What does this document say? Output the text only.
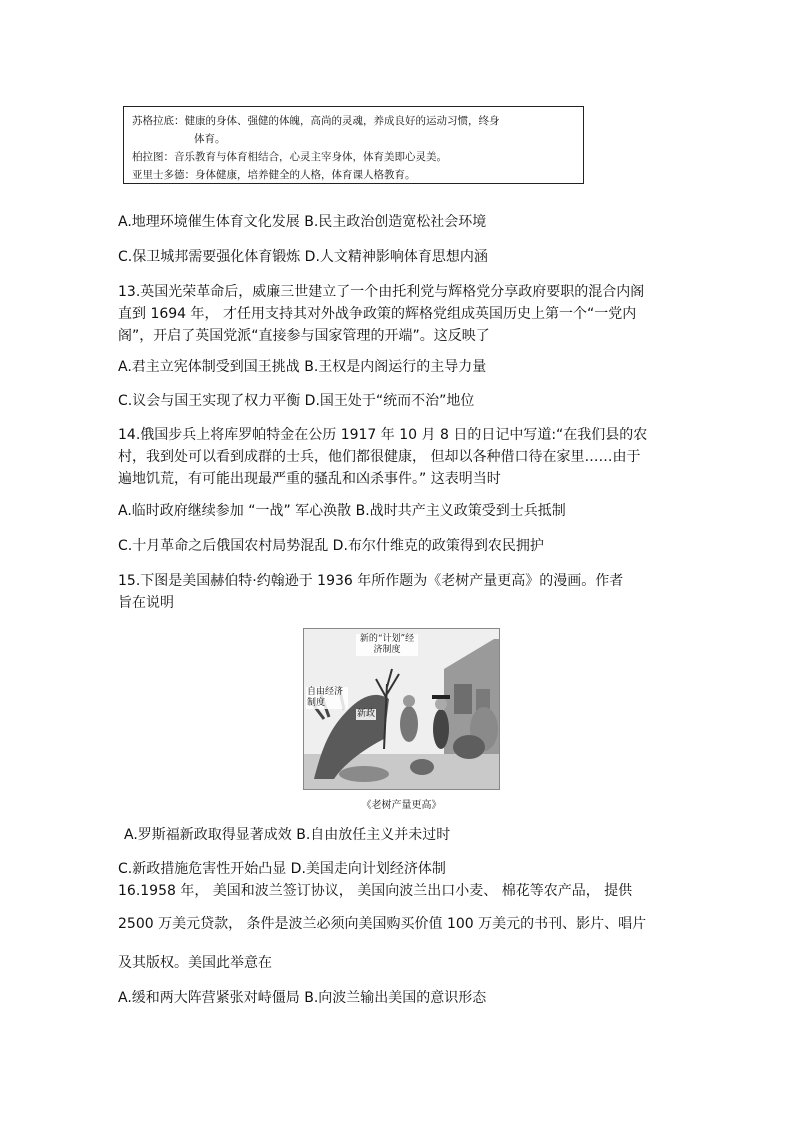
苏格拉底：健康的身体、强健的体魄，高尚的灵魂，养成良好的运动习惯，终身
体育。
柏拉图：音乐教育与体育相结合，心灵主宰身体，体育美即心灵美。
亚里士多德：身体健康，培养健全的人格，体育课人格教育。
A.地理环境催生体育文化发展 B.民主政治创造宽松社会环境
C.保卫城邦需要强化体育锻炼 D.人文精神影响体育思想内涵
13.英国光荣革命后，威廉三世建立了一个由托利党与辉格党分享政府要职的混合内阁
直到 1694 年， 才任用支持其对外战争政策的辉格党组成英国历史上第一个“一党内
阁”，开启了英国党派“直接参与国家管理的开端”。这反映了
A.君主立宪体制受到国王挑战 B.王权是内阁运行的主导力量
C.议会与国王实现了权力平衡 D.国王处于“统而不治”地位
14.俄国步兵上将库罗帕特金在公历 1917 年 10 月 8 日的日记中写道:“在我们县的农
村，我到处可以看到成群的士兵，他们都很健康， 但却以各种借口待在家里……由于
遍地饥荒，有可能出现最严重的骚乱和凶杀事件。” 这表明当时
A.临时政府继续参加 “一战” 军心涣散 B.战时共产主义政策受到士兵抵制
C.十月革命之后俄国农村局势混乱 D.布尔什维克的政策得到农民拥护
15.下图是美国赫伯特·约翰逊于 1936 年所作题为《老树产量更高》的漫画。作者
旨在说明
新的“计划”经济制度
自由经济制度
新政
《老树产量更高》
A.罗斯福新政取得显著成效 B.自由放任主义并未过时
C.新政措施危害性开始凸显 D.美国走向计划经济体制
16.1958 年， 美国和波兰签订协议， 美国向波兰出口小麦、 棉花等农产品， 提供
2500 万美元贷款， 条件是波兰必须向美国购买价值 100 万美元的书刊、影片、唱片
及其版权。美国此举意在
A.缓和两大阵营紧张对峙僵局 B.向波兰输出美国的意识形态
